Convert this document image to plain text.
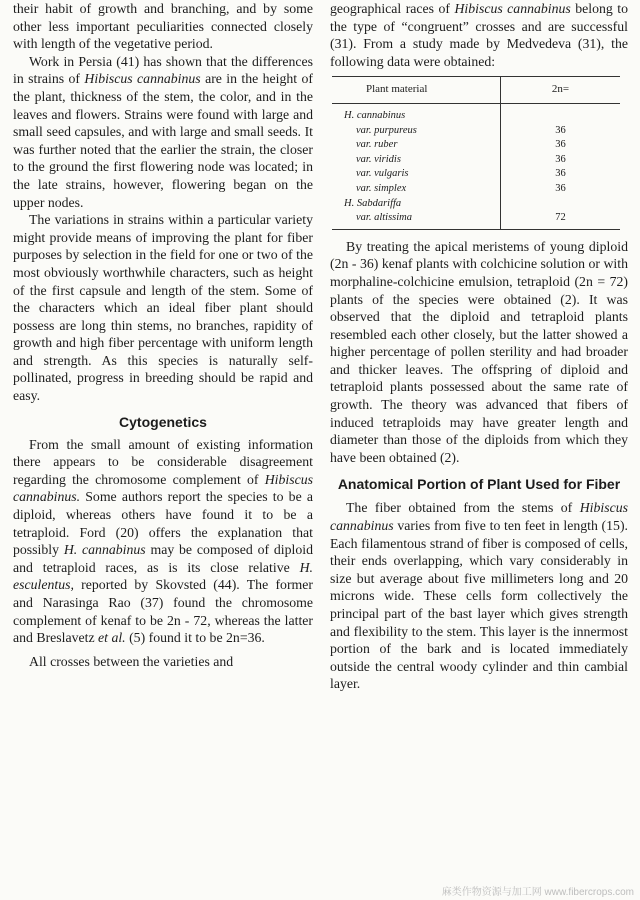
their habit of growth and branching, and by some other less important peculiarities connected closely with length of the vegetative period.

Work in Persia (41) has shown that the differences in strains of Hibiscus cannabinus are in the height of the plant, thickness of the stem, the color, and in the leaves and flowers. Strains were found with large and small seed capsules, and with large and small seeds. It was further noted that the earlier the strain, the closer to the ground the first flowering node was located; in the late strains, however, flowering began on the upper nodes.

The variations in strains within a particular variety might provide means of improving the plant for fiber purposes by selection in the field for one or two of the most obviously worthwhile characters, such as height of the first capsule and length of the stem. Some of the characters which an ideal fiber plant should possess are long thin stems, no branches, rapidity of growth and high fiber percentage with uniform length and strength. As this species is naturally self-pollinated, progress in breeding should be rapid and easy.

Cytogenetics

From the small amount of existing information there appears to be considerable disagreement regarding the chromosome complement of Hibiscus cannabinus. Some authors report the species to be a diploid, whereas others have found it to be a tetraploid. Ford (20) offers the explanation that possibly H. cannabinus may be composed of diploid and tetraploid races, as is its close relative H. esculentus, reported by Skovsted (44). The former and Narasinga Rao (37) found the chromosome complement of kenaf to be 2n - 72, whereas the latter and Breslavetz et al. (5) found it to be 2n=36.

All crosses between the varieties and

geographical races of Hibiscus cannabinus belong to the type of “congruent” crosses and are successful (31). From a study made by Medvedeva (31), the following data were obtained:

Plant material	2n=
H. cannabinus	
var. purpureus	36
var. ruber	36
var. viridis	36
var. vulgaris	36
var. simplex	36
H. Sabdariffa	
var. altissima	72

By treating the apical meristems of young diploid (2n - 36) kenaf plants with colchicine solution or with morphaline-colchicine emulsion, tetraploid (2n = 72) plants of the species were obtained (2). It was observed that the diploid and tetraploid plants resembled each other closely, but the latter showed a higher percentage of pollen sterility and had broader and thicker leaves. The offspring of diploid and tetraploid plants possessed about the same rate of growth. The theory was advanced that fibers of induced tetraploids may have greater length and diameter than those of the diploids from which they have been obtained (2).

Anatomical Portion of Plant Used for Fiber

The fiber obtained from the stems of Hibiscus cannabinus varies from five to ten feet in length (15). Each filamentous strand of fiber is composed of cells, their ends overlapping, which vary considerably in size but average about five millimeters long and 20 microns wide. These cells form collectively the principal part of the bast layer which gives strength and flexibility to the stem. This layer is the innermost portion of the bark and is located immediately outside the central woody cylinder and thin cambial layer.

麻类作物资源与加工网 www.fibercrops.com
